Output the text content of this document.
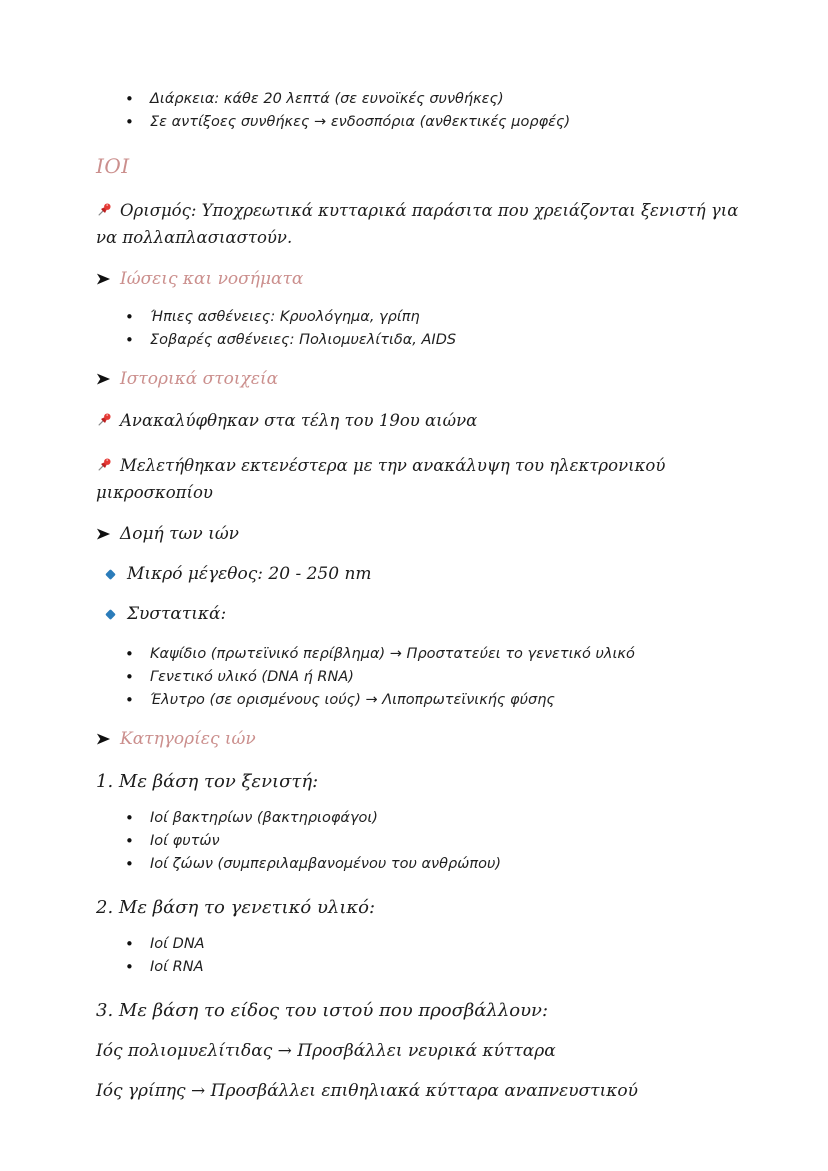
• Διάρκεια: κάθε 20 λεπτά (σε ευνοϊκές συνθήκες)
• Σε αντίξοες συνθήκες → ενδοσπόρια (ανθεκτικές μορφές)
ΙΟΙ
Ορισμός: Υποχρεωτικά κυτταρικά παράσιτα που χρειάζονται ξενιστή για να πολλαπλασιαστούν.
Ιώσεις και νοσήματα
• Ήπιες ασθένειες: Κρυολόγημα, γρίπη
• Σοβαρές ασθένειες: Πολιομυελίτιδα, AIDS
Ιστορικά στοιχεία
Ανακαλύφθηκαν στα τέλη του 19ου αιώνα
Μελετήθηκαν εκτενέστερα με την ανακάλυψη του ηλεκτρονικού μικροσκοπίου
Δομή των ιών
Μικρό μέγεθος: 20 - 250 nm
Συστατικά:
• Καψίδιο (πρωτεϊνικό περίβλημα) → Προστατεύει το γενετικό υλικό
• Γενετικό υλικό (DNA ή RNA)
• Έλυτρο (σε ορισμένους ιούς) → Λιποπρωτεϊνικής φύσης
Κατηγορίες ιών
1. Με βάση τον ξενιστή:
• Ιοί βακτηρίων (βακτηριοφάγοι)
• Ιοί φυτών
• Ιοί ζώων (συμπεριλαμβανομένου του ανθρώπου)
2. Με βάση το γενετικό υλικό:
• Ιοί DNA
• Ιοί RNA
3. Με βάση το είδος του ιστού που προσβάλλουν:
Ιός πολιομυελίτιδας → Προσβάλλει νευρικά κύτταρα
Ιός γρίπης → Προσβάλλει επιθηλιακά κύτταρα αναπνευστικού
